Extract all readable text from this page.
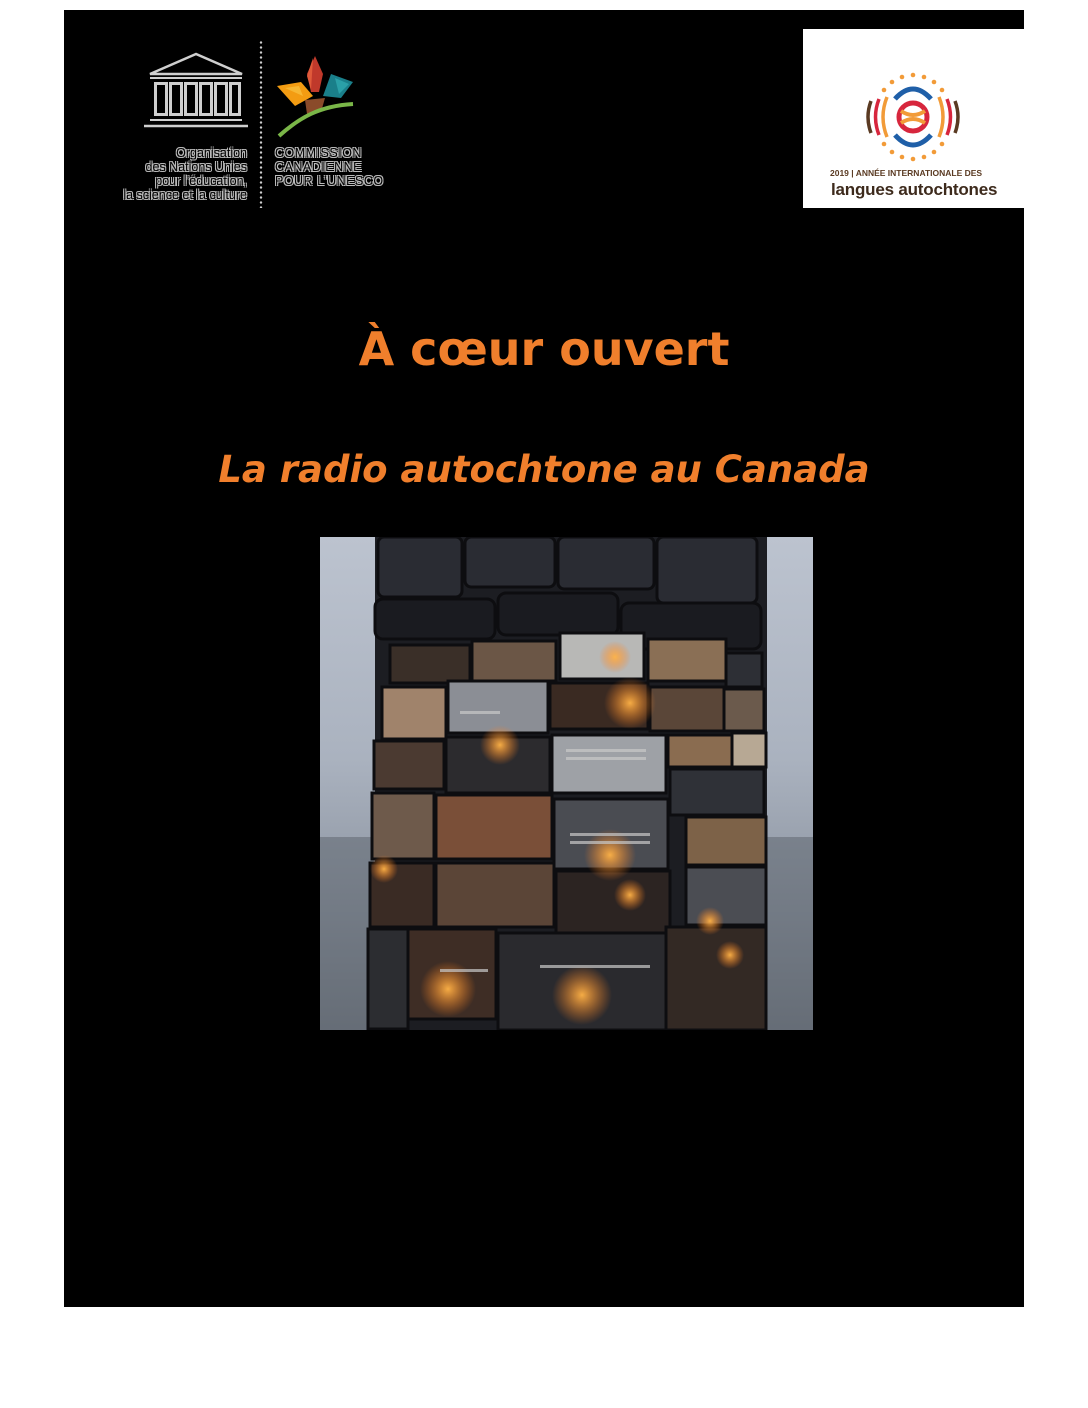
Organisation
des Nations Unies
pour l’éducation,
la science et la culture
COMMISSION
CANADIENNE
POUR L’UNESCO
2019 | ANNÉE INTERNATIONALE DES
langues autochtones
À cœur ouvert
La radio autochtone au Canada
